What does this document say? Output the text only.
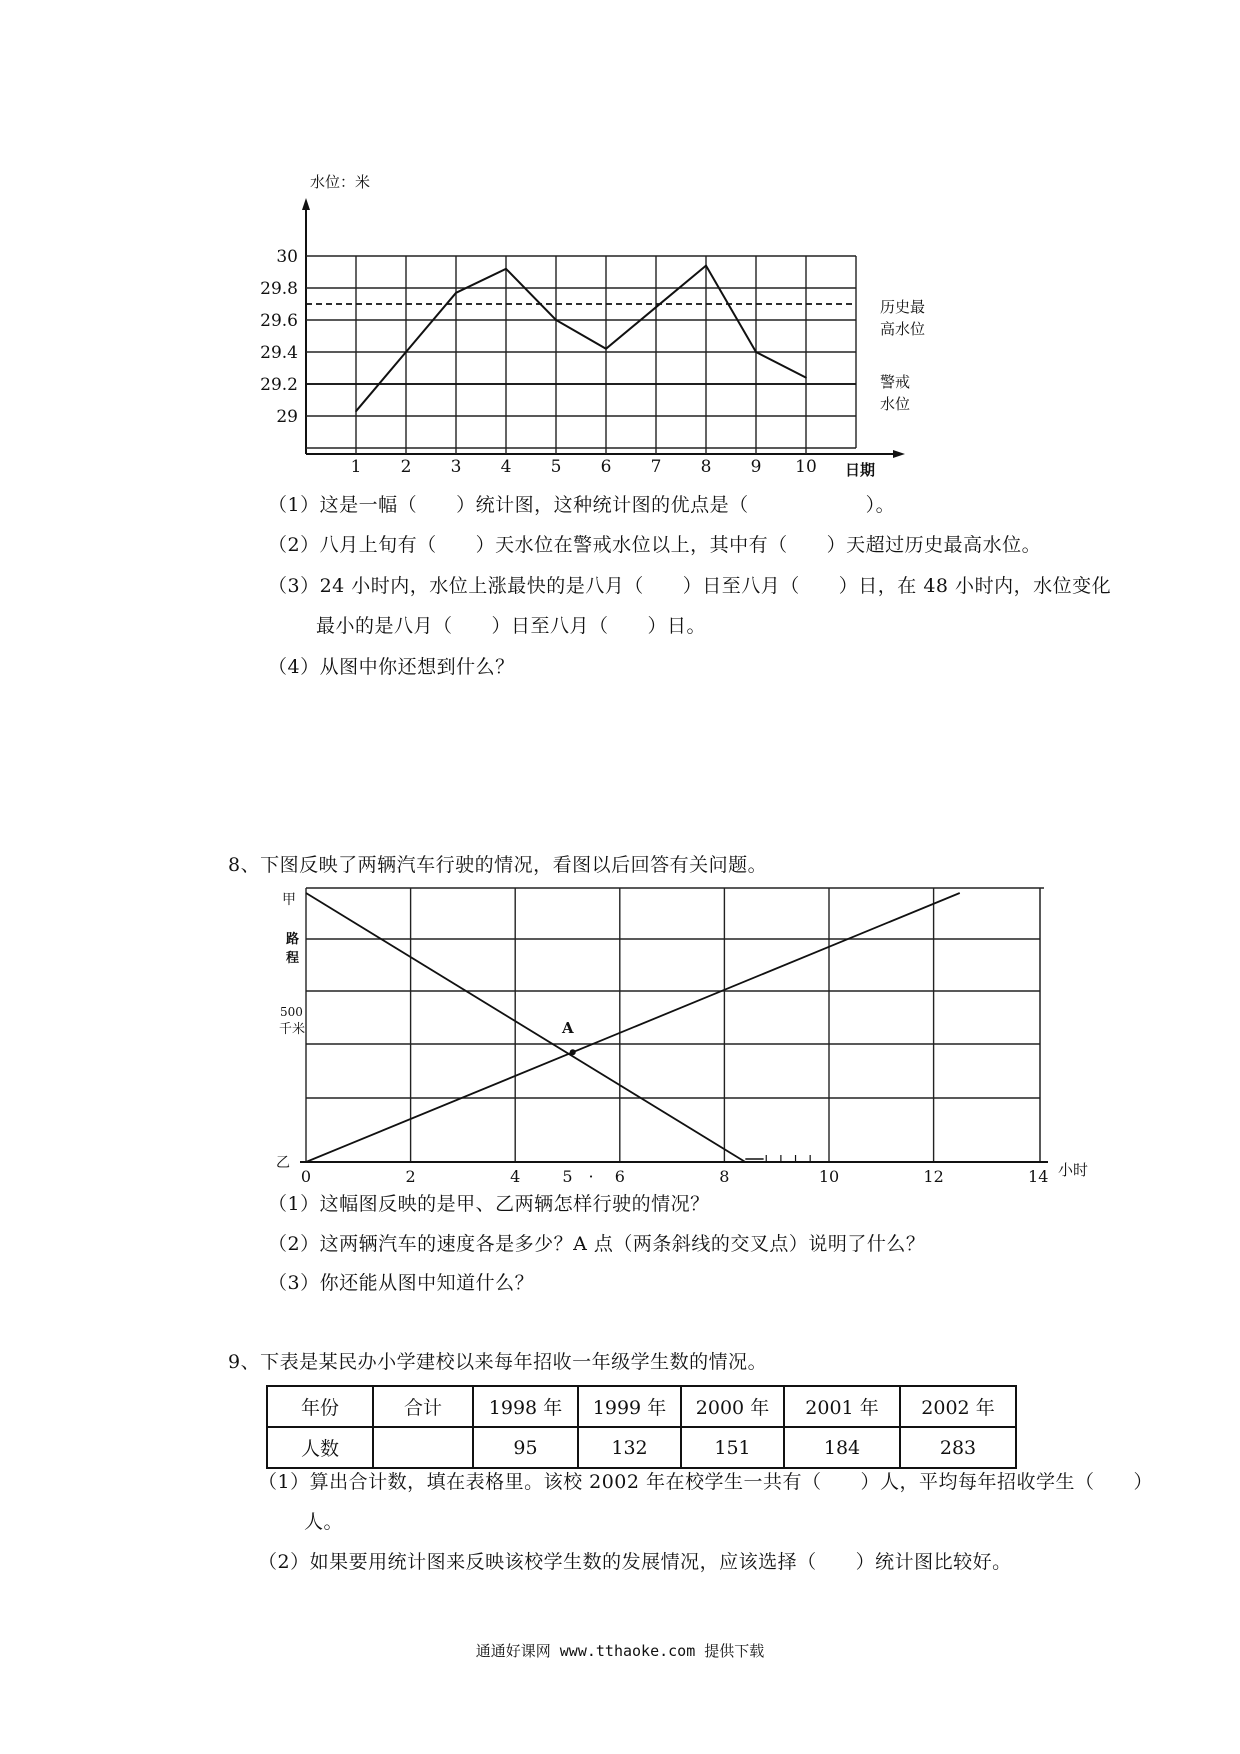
30
29.8
29.6
29.4
29.2
29
1 2 3 4 5 6 7 8 9 10
水位：米
日期
历史最
高水位
警戒
水位
（1）这是一幅（　　）统计图，这种统计图的优点是（　　　　　　）。
（2）八月上旬有（　　）天水位在警戒水位以上，其中有（　　）天超过历史最高水位。
（3）24 小时内，水位上涨最快的是八月（　　）日至八月（　　）日，在 48 小时内，水位变化
最小的是八月（　　）日至八月（　　）日。
（4）从图中你还想到什么？
8、下图反映了两辆汽车行驶的情况，看图以后回答有关问题。
0	2	4	5 · 6	8	10	12	14
甲
路
程
500
千米
乙
A
小时
（1）这幅图反映的是甲、乙两辆怎样行驶的情况？
（2）这两辆汽车的速度各是多少？A 点（两条斜线的交叉点）说明了什么？
（3）你还能从图中知道什么？
9、下表是某民办小学建校以来每年招收一年级学生数的情况。
年份	合计	1998 年	1999 年	2000 年	2001 年	2002 年
人数		95	132	151	184	283
（1）算出合计数，填在表格里。该校 2002 年在校学生一共有（　　）人，平均每年招收学生（　　）
人。
（2）如果要用统计图来反映该校学生数的发展情况，应该选择（　　）统计图比较好。
通通好课网 www.tthaoke.com 提供下载
